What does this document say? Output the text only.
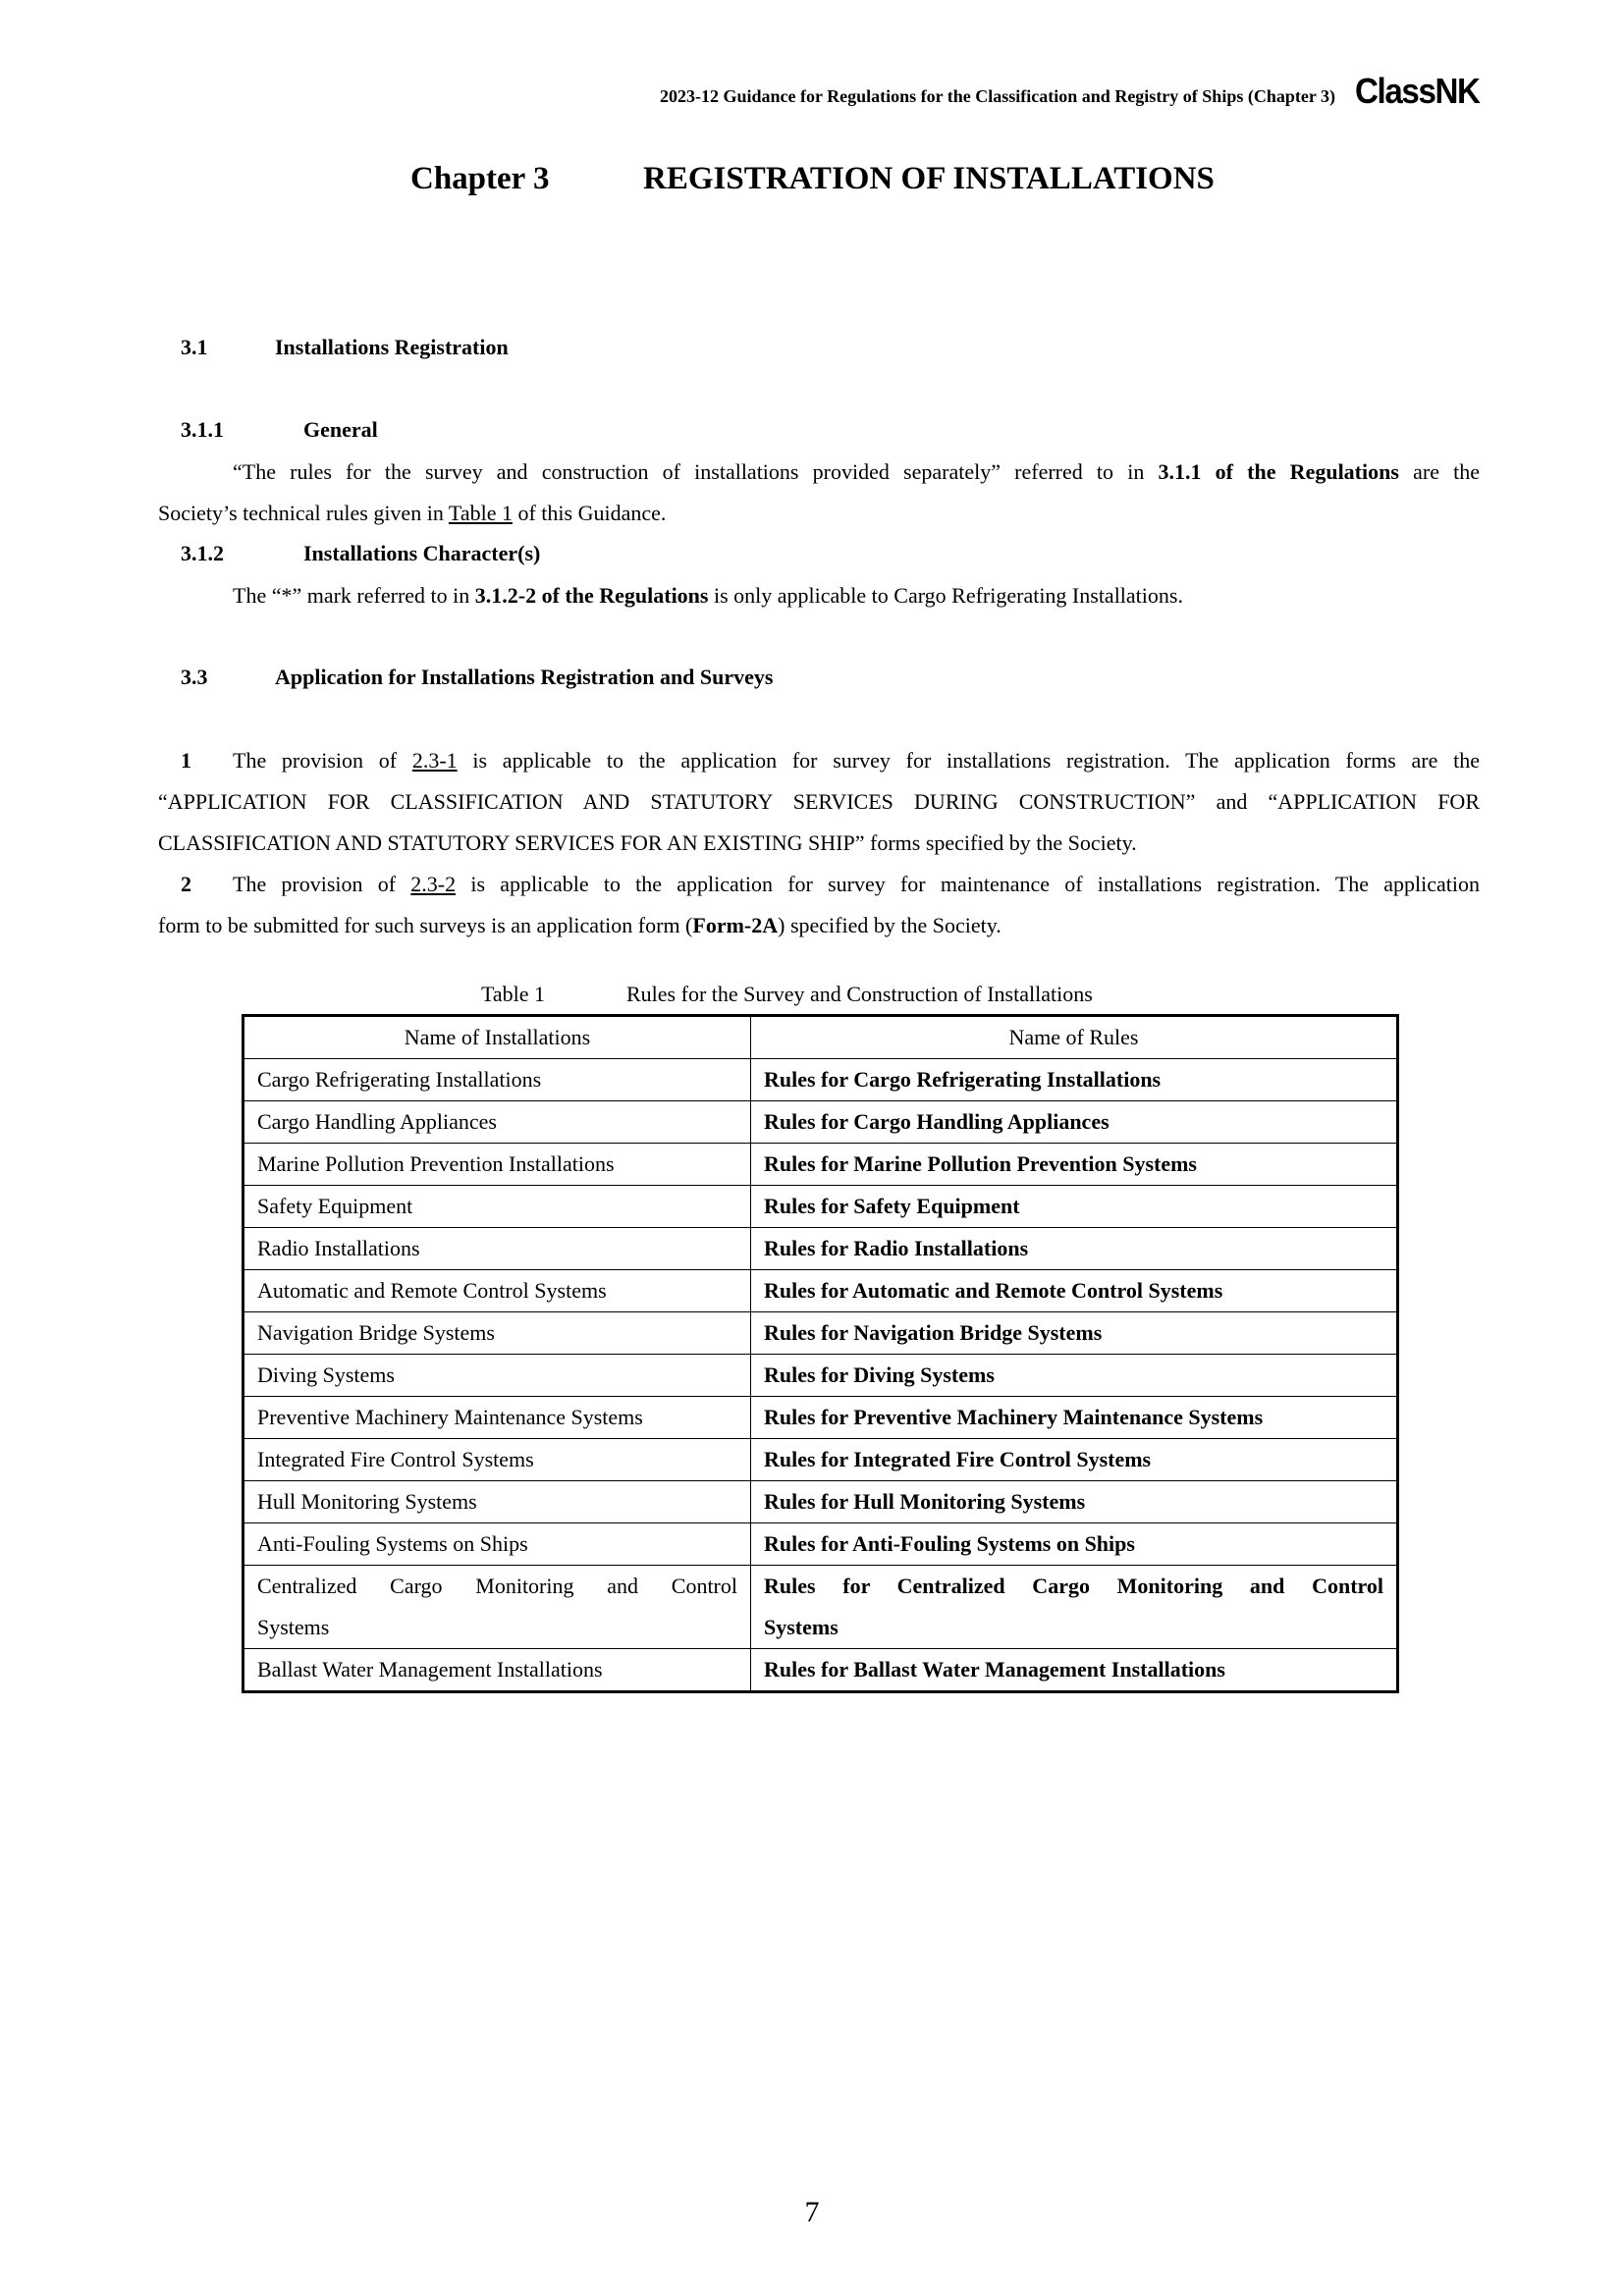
2023-12 Guidance for Regulations for the Classification and Registry of Ships (Chapter 3) ClassNK
Chapter 3	REGISTRATION OF INSTALLATIONS
3.1	Installations Registration
3.1.1	General
“The rules for the survey and construction of installations provided separately” referred to in 3.1.1 of the Regulations are the
Society’s technical rules given in Table 1 of this Guidance.
3.1.2	Installations Character(s)
The “*” mark referred to in 3.1.2-2 of the Regulations is only applicable to Cargo Refrigerating Installations.
3.3	Application for Installations Registration and Surveys
1	The provision of 2.3-1 is applicable to the application for survey for installations registration. The application forms are the
“APPLICATION FOR CLASSIFICATION AND STATUTORY SERVICES DURING CONSTRUCTION” and “APPLICATION FOR
CLASSIFICATION AND STATUTORY SERVICES FOR AN EXISTING SHIP” forms specified by the Society.
2	The provision of 2.3-2 is applicable to the application for survey for maintenance of installations registration. The application
form to be submitted for such surveys is an application form (Form-2A) specified by the Society.
Table 1	Rules for the Survey and Construction of Installations
Name of Installations	Name of Rules
Cargo Refrigerating Installations	Rules for Cargo Refrigerating Installations
Cargo Handling Appliances	Rules for Cargo Handling Appliances
Marine Pollution Prevention Installations	Rules for Marine Pollution Prevention Systems
Safety Equipment	Rules for Safety Equipment
Radio Installations	Rules for Radio Installations
Automatic and Remote Control Systems	Rules for Automatic and Remote Control Systems
Navigation Bridge Systems	Rules for Navigation Bridge Systems
Diving Systems	Rules for Diving Systems
Preventive Machinery Maintenance Systems	Rules for Preventive Machinery Maintenance Systems
Integrated Fire Control Systems	Rules for Integrated Fire Control Systems
Hull Monitoring Systems	Rules for Hull Monitoring Systems
Anti-Fouling Systems on Ships	Rules for Anti-Fouling Systems on Ships

Centralized Cargo Monitoring and Control
Systems	Rules for Centralized Cargo Monitoring and Control
Systems
Ballast Water Management Installations	Rules for Ballast Water Management Installations
7
